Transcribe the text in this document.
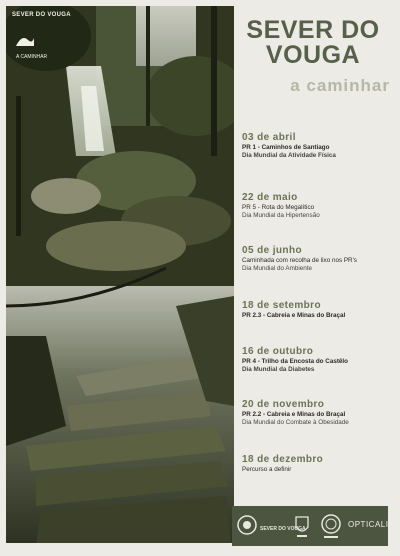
SEVER DO VOUGA
A CAMINHAR
SEVER DO
VOUGA
a caminhar
03 de abril
PR 1 - Caminhos de Santiago
Dia Mundial da Atividade Física
22 de maio
PR 5 - Rota do Megalítico
Dia Mundial da Hipertensão
05 de junho
Caminhada com recolha de lixo nos PR's
Dia Mundial do Ambiente
18 de setembro
PR 2.3 - Cabreia e Minas do Braçal
16 de outubro
PR 4 - Trilho da Encosta do Castêlo
Dia Mundial da Diabetes
20 de novembro
PR 2.2 - Cabreia e Minas do Braçal
Dia Mundial do Combate à Obesidade
18 de dezembro
Percurso a definir
SEVER DO VOUGA	OPTICALIA
